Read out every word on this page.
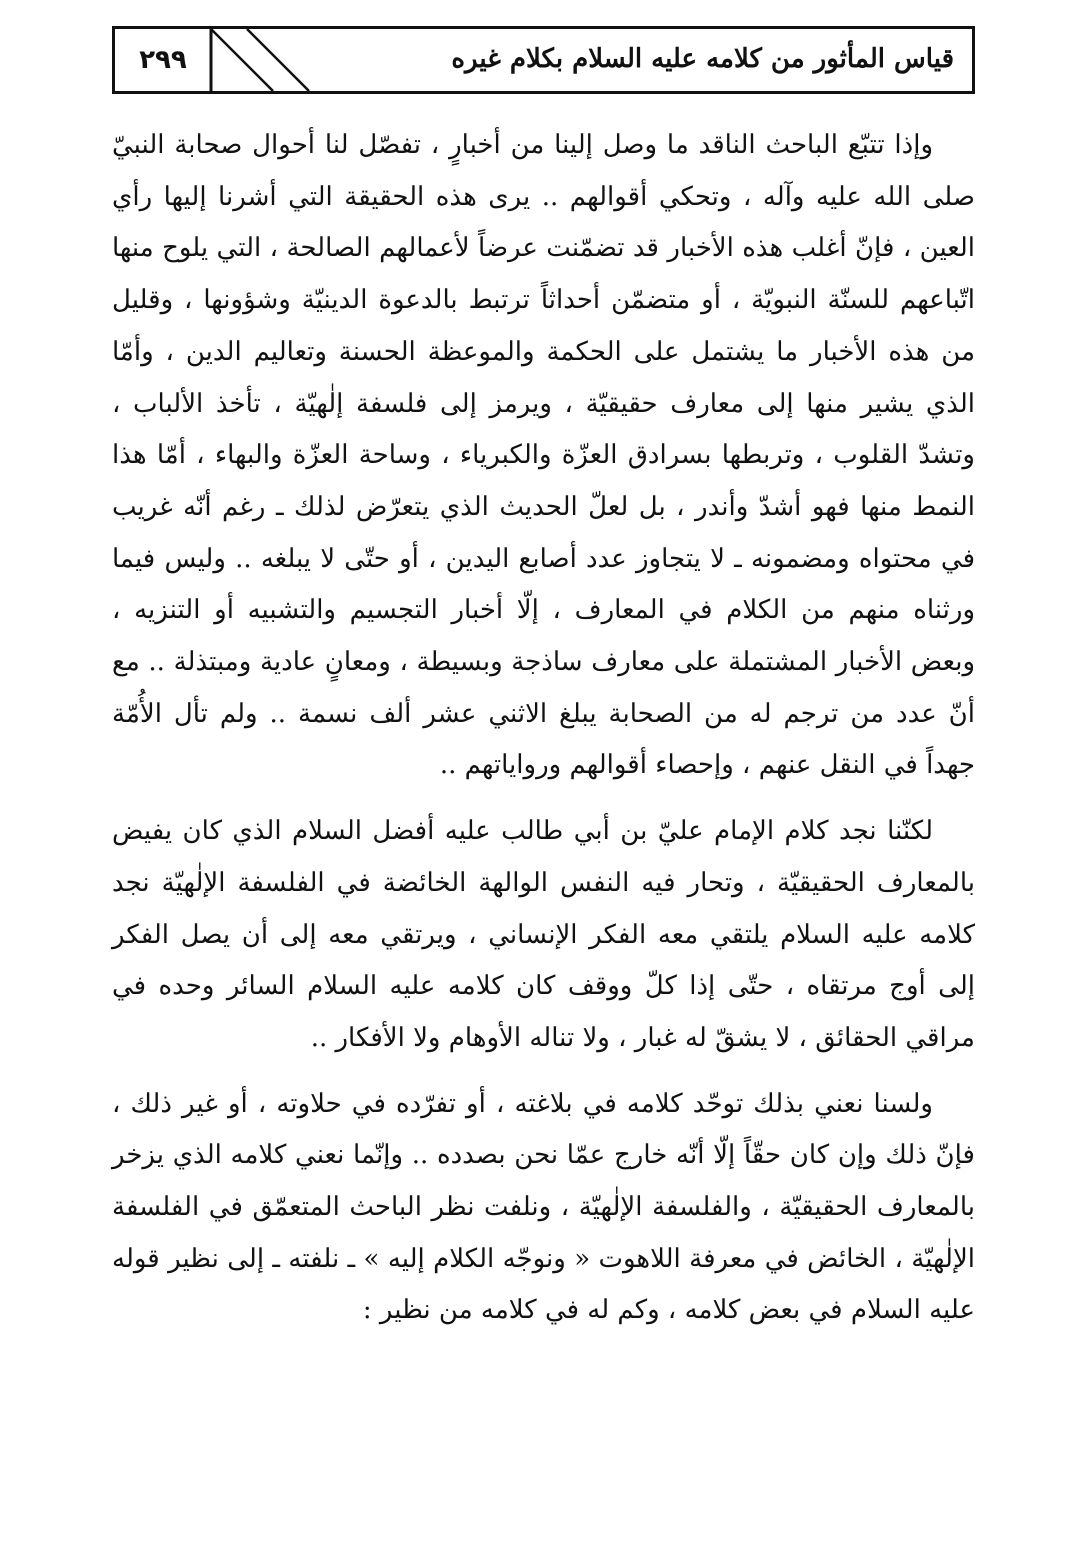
٢٩٩	قياس المأثور من كلامه عليه السلام بكلام غيره

وإذا تتبّع الباحث الناقد ما وصل إلينا من أخبارٍ ، تفصّل لنا أحوال صحابة النبيّ صلى الله عليه وآله ، وتحكي أقوالهم .. يرى هذه الحقيقة التي أشرنا إليها رأي العين ، فإنّ أغلب هذه الأخبار قد تضمّنت عرضاً لأعمالهم الصالحة ، التي يلوح منها اتّباعهم للسنّة النبويّة ، أو متضمّن أحداثاً ترتبط بالدعوة الدينيّة وشؤونها ، وقليل من هذه الأخبار ما يشتمل على الحكمة والموعظة الحسنة وتعاليم الدين ، وأمّا الذي يشير منها إلى معارف حقيقيّة ، ويرمز إلى فلسفة إلٰهيّة ، تأخذ الألباب ، وتشدّ القلوب ، وتربطها بسرادق العزّة والكبرياء ، وساحة العزّة والبهاء ، أمّا هذا النمط منها فهو أشدّ وأندر ، بل لعلّ الحديث الذي يتعرّض لذلك ـ رغم أنّه غريب في محتواه ومضمونه ـ لا يتجاوز عدد أصابع اليدين ، أو حتّى لا يبلغه .. وليس فيما ورثناه منهم من الكلام في المعارف ، إلّا أخبار التجسيم والتشبيه أو التنزيه ، وبعض الأخبار المشتملة على معارف ساذجة وبسيطة ، ومعانٍ عادية ومبتذلة .. مع أنّ عدد من ترجم له من الصحابة يبلغ الاثني عشر ألف نسمة .. ولم تأل الأُمّة جهداً في النقل عنهم ، وإحصاء أقوالهم ورواياتهم ..

لكنّنا نجد كلام الإمام عليّ بن أبي طالب عليه أفضل السلام الذي كان يفيض بالمعارف الحقيقيّة ، وتحار فيه النفس الوالهة الخائضة في الفلسفة الإلٰهيّة نجد كلامه عليه السلام يلتقي معه الفكر الإنساني ، ويرتقي معه إلى أن يصل الفكر إلى أوج مرتقاه ، حتّى إذا كلّ ووقف كان كلامه عليه السلام السائر وحده في مراقي الحقائق ، لا يشقّ له غبار ، ولا تناله الأوهام ولا الأفكار ..

ولسنا نعني بذلك توحّد كلامه في بلاغته ، أو تفرّده في حلاوته ، أو غير ذلك ، فإنّ ذلك وإن كان حقّاً إلّا أنّه خارج عمّا نحن بصدده .. وإنّما نعني كلامه الذي يزخر بالمعارف الحقيقيّة ، والفلسفة الإلٰهيّة ، ونلفت نظر الباحث المتعمّق في الفلسفة الإلٰهيّة ، الخائض في معرفة اللاهوت « ونوجّه الكلام إليه » ـ نلفته ـ إلى نظير قوله عليه السلام في بعض كلامه ، وكم له في كلامه من نظير :
